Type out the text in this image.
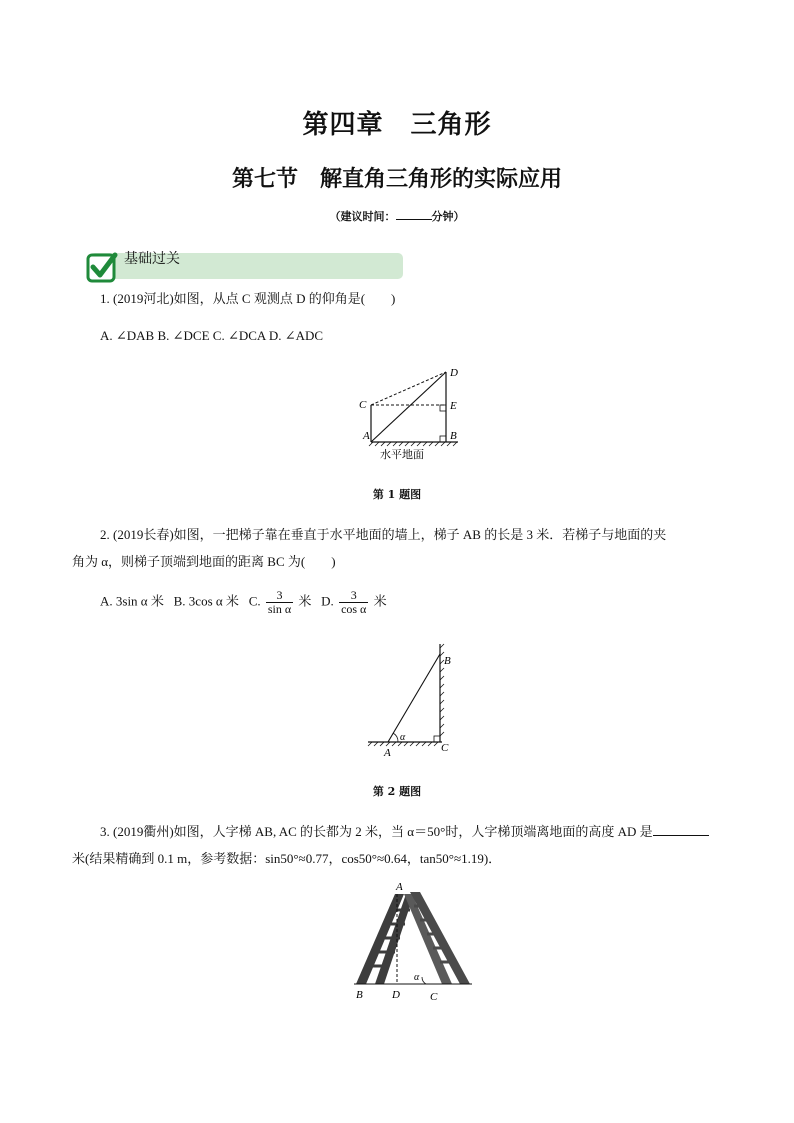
第四章　三角形
第七节　解直角三角形的实际应用
（建议时间：	分钟）
基础过关
1. (2019河北)如图，从点 C 观测点 D 的仰角是(　　)
A. ∠DAB B. ∠DCE C. ∠DCA D. ∠ADC
D
C	E
A	B
水平地面
第 1 题图
2. (2019长春)如图，一把梯子靠在垂直于水平地面的墙上，梯子 AB 的长是 3 米．若梯子与地面的夹
角为 α，则梯子顶端到地面的距离 BC 为(　　)
A. 3sin α 米 B. 3cos α 米 C. $\frac{3}{\text{sin α}}$ 米 D. $\frac{3}{\text{cos α}}$ 米
B
A	C
α
第 2 题图
3. (2019衢州)如图，人字梯 AB, AC 的长都为 2 米，当 α＝50°时，人字梯顶端离地面的高度 AD 是
米(结果精确到 0.1 m，参考数据：sin50°≈0.77，cos50°≈0.64，tan50°≈1.19)．
A
B	D	C
α
